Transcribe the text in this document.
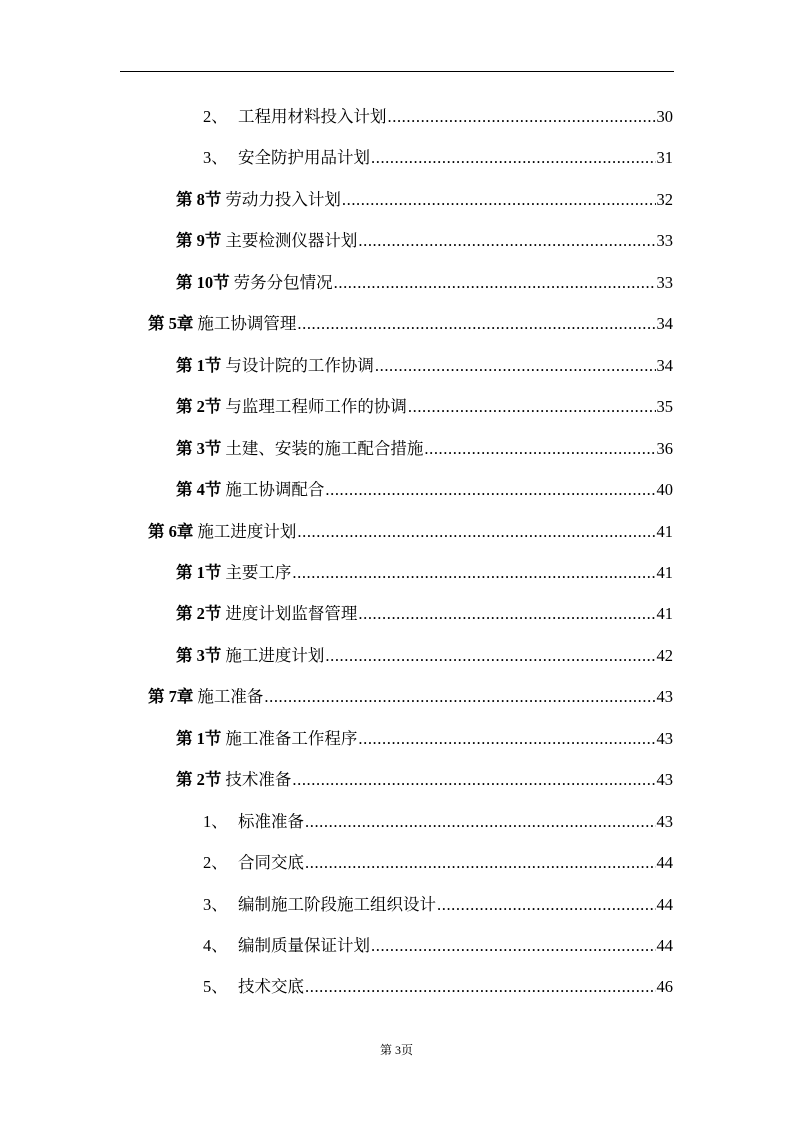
2、 工程用材料投入计划 .....	30
3、 安全防护用品计划 .....	31
第 8节 劳动力投入计划 .....	32
第 9节 主要检测仪器计划 .....	33
第 10节 劳务分包情况 .....	33
第 5章 施工协调管理 .....	34
第 1节 与设计院的工作协调 .....	34
第 2节 与监理工程师工作的协调 .....	35
第 3节 土建、安装的施工配合措施 .....	36
第 4节 施工协调配合 .....	40
第 6章 施工进度计划 .....	41
第 1节 主要工序 .....	41
第 2节 进度计划监督管理 .....	41
第 3节 施工进度计划 .....	42
第 7章 施工准备 .....	43
第 1节 施工准备工作程序 .....	43
第 2节 技术准备 .....	43
1、 标准准备 .....	43
2、 合同交底 .....	44
3、 编制施工阶段施工组织设计 .....	44
4、 编制质量保证计划 .....	44
5、 技术交底 .....	46
第 3页
